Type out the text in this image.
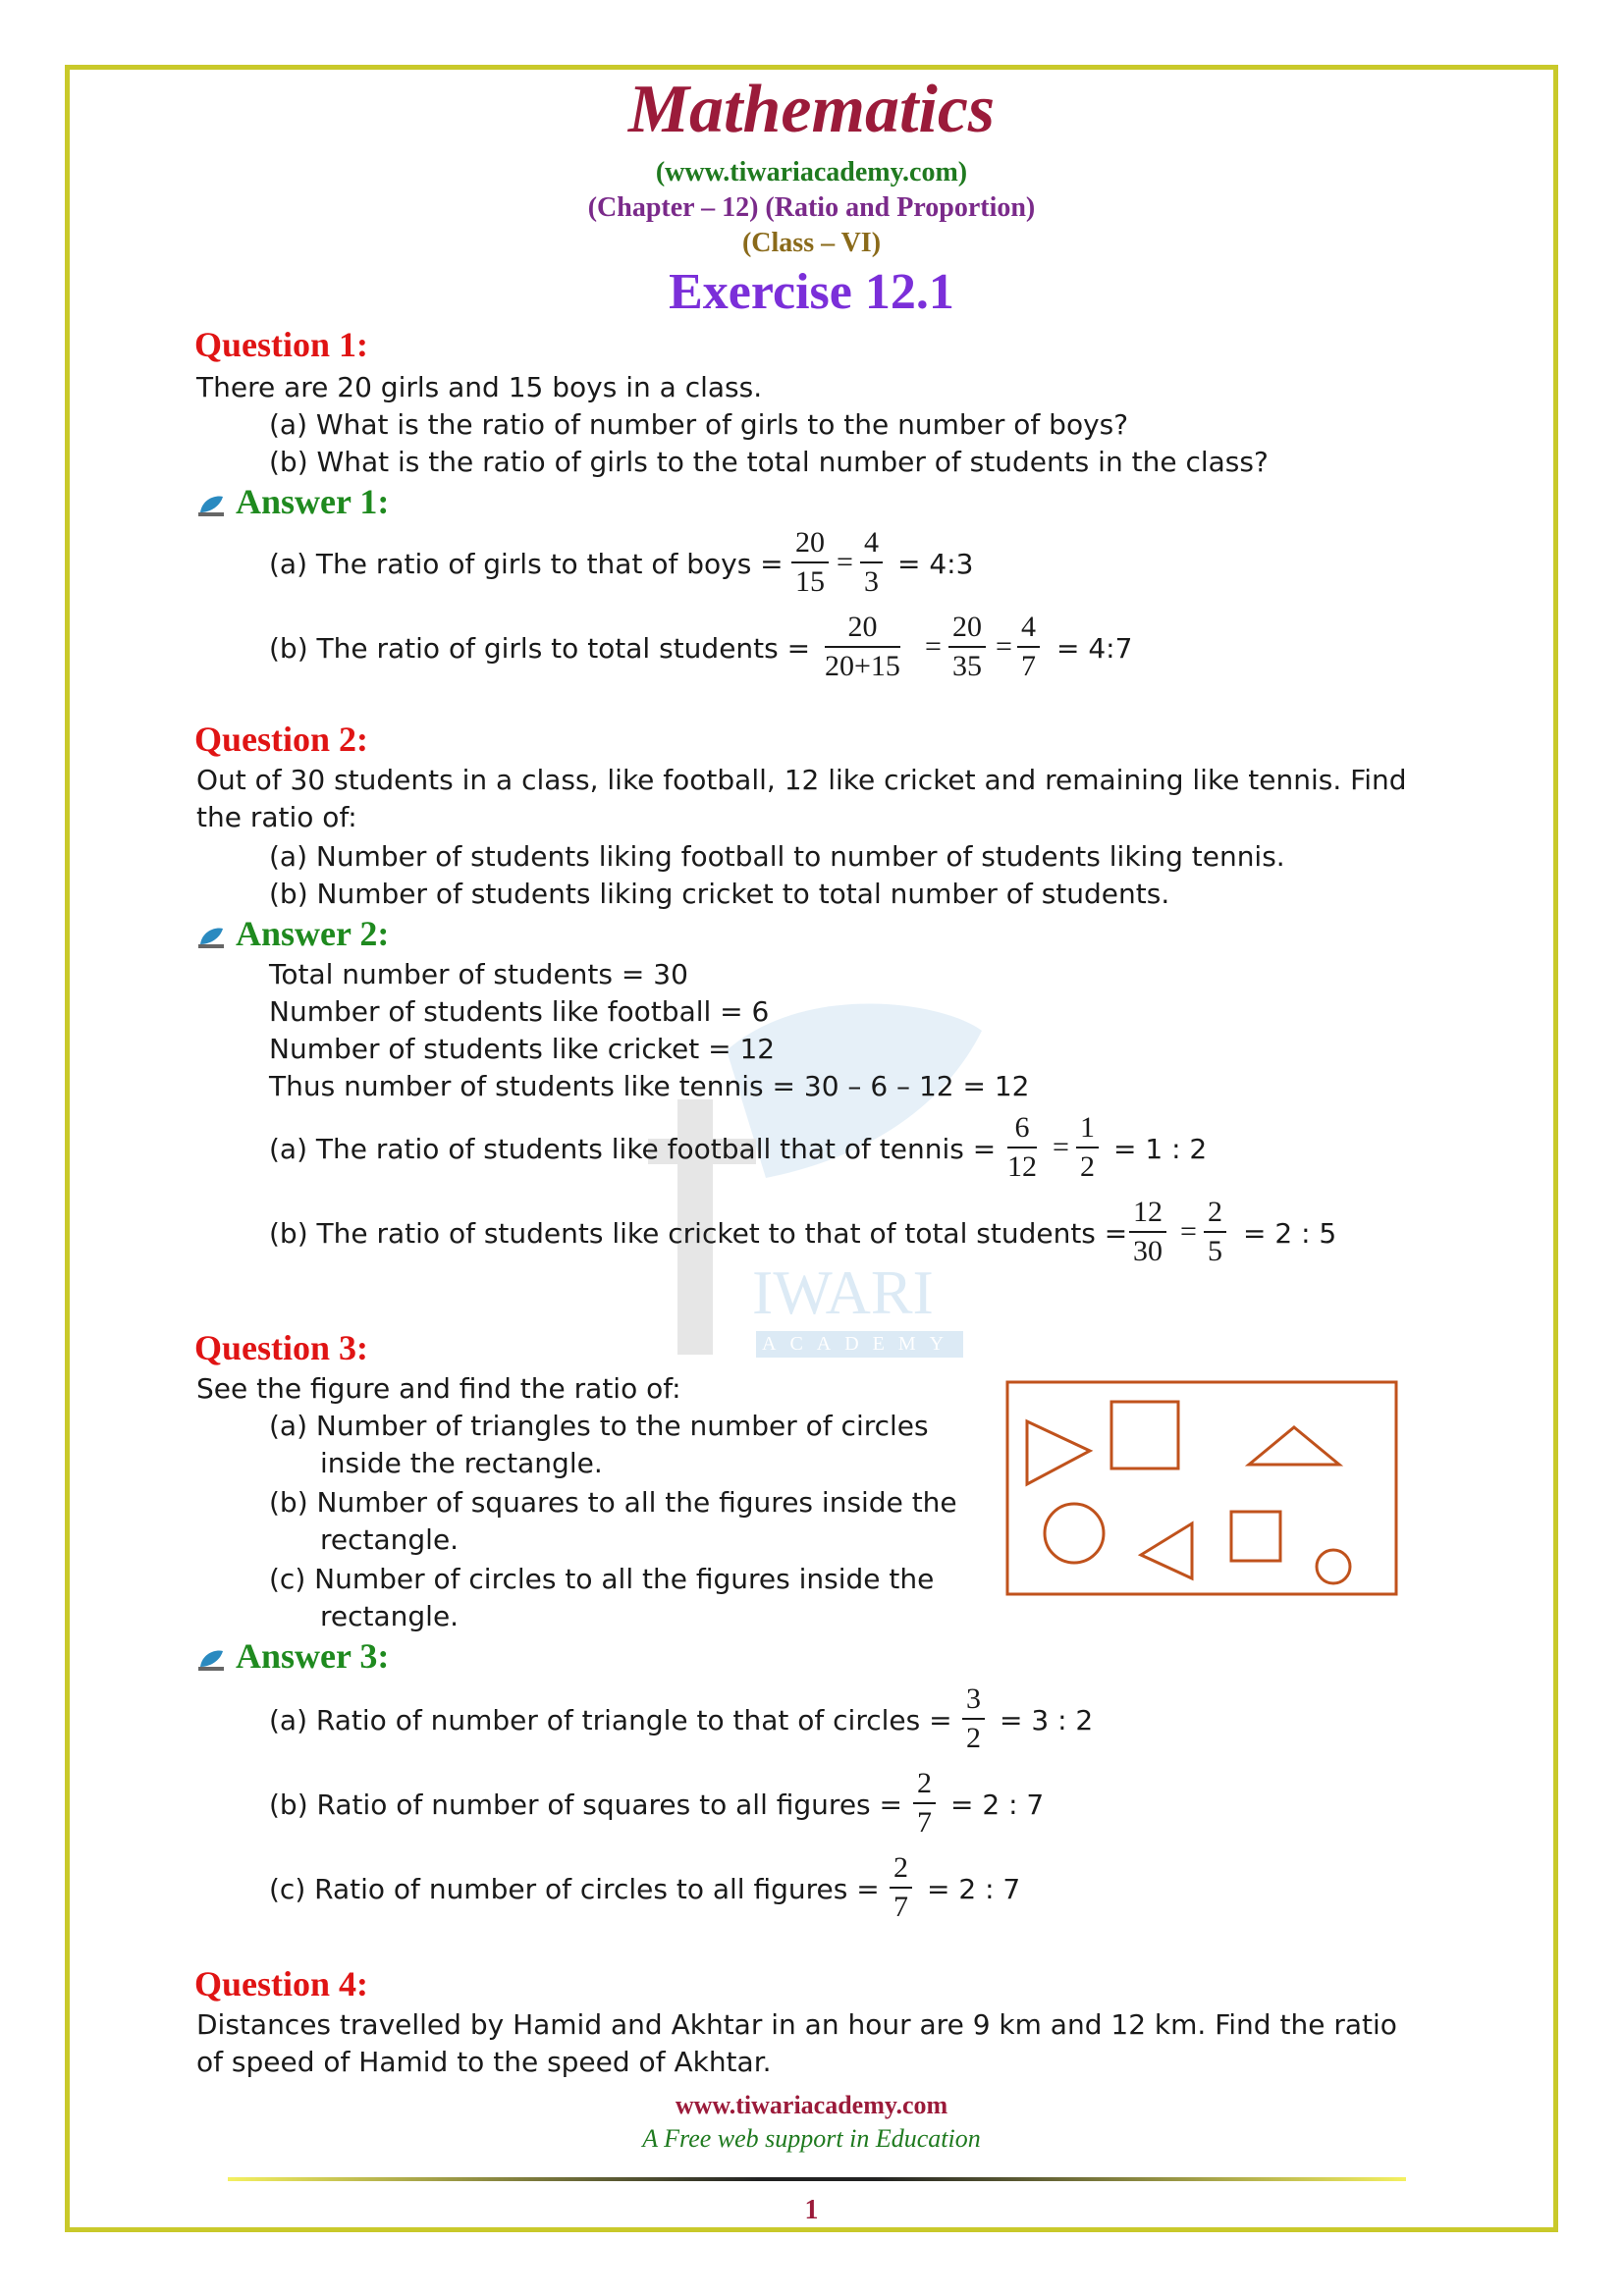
IWARI
ACADEMY
Mathematics
(www.tiwariacademy.com)
(Chapter – 12) (Ratio and Proportion)
(Class – VI)
Exercise 12.1
Question 1:
There are 20 girls and 15 boys in a class.
(a) What is the ratio of number of girls to the number of boys?
(b) What is the ratio of girls to the total number of students in the class?
Answer 1:
(a) The ratio of girls to that of boys = $\frac{20}{15} = \frac{4}{3}$ = 4:3
(b) The ratio of girls to total students = $\frac{20}{20+15} = \frac{20}{35} = \frac{4}{7}$ = 4:7
Question 2:
Out of 30 students in a class, like football, 12 like cricket and remaining like tennis. Find
the ratio of:
(a) Number of students liking football to number of students liking tennis.
(b) Number of students liking cricket to total number of students.
Answer 2:
Total number of students = 30
Number of students like football = 6
Number of students like cricket = 12
Thus number of students like tennis = 30 – 6 – 12 = 12
(a) The ratio of students like football that of tennis = $\frac{6}{12} = \frac{1}{2} = 1$ : 2
(b) The ratio of students like cricket to that of total students = $\frac{12}{30} = \frac{2}{5} = 2$ : 5
Question 3:
See the figure and find the ratio of:
(a) Number of triangles to the number of circles
inside the rectangle.
(b) Number of squares to all the figures inside the
rectangle.
(c) Number of circles to all the figures inside the
rectangle.
Answer 3:
(a) Ratio of number of triangle to that of circles = $\frac{3}{2} = 3$ : 2
(b) Ratio of number of squares to all figures = $\frac{2}{7} = 2$ : 7
(c) Ratio of number of circles to all figures = $\frac{2}{7} = 2$ : 7
Question 4:
Distances travelled by Hamid and Akhtar in an hour are 9 km and 12 km. Find the ratio
of speed of Hamid to the speed of Akhtar.
www.tiwariacademy.com
A Free web support in Education
1
